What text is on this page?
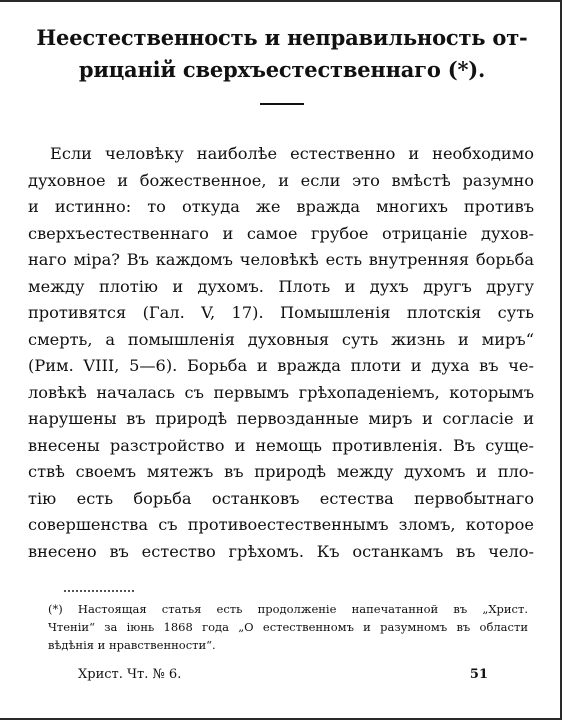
Неестественность и неправильность от-
рицаній сверхъестественнаго (*).
Если человѣку наиболѣе естественно и необходимо
духовное и божественное, и если это вмѣстѣ разумно
и истинно: то откуда же вражда многихъ противъ
сверхъестественнаго и самое грубое отрицаніе духов-
наго міра? Въ каждомъ человѣкѣ есть внутренняя борьба
между плотію и духомъ. Плоть и духъ другъ другу
противятся (Гал. V, 17). Помышленія плотскія суть
смерть, а помышленія духовныя суть жизнь и миръ“
(Рим. VIII, 5—6). Борьба и вражда плоти и духа въ че-
ловѣкѣ началась съ первымъ грѣхопаденіемъ, которымъ
нарушены въ природѣ первозданные миръ и согласіе и
внесены разстройство и немощь противленія. Въ суще-
ствѣ своемъ мятежъ въ природѣ между духомъ и пло-
тію есть борьба останковъ естества первобытнаго
совершенства съ противоестественнымъ зломъ, которое
внесено въ естество грѣхомъ. Къ останкамъ въ чело-
(*) Настоящая статья есть продолженіе напечатанной въ „Христ.
Чтеніи“ за іюнь 1868 года „О естественномъ и разумномъ въ области
вѣдѣнія и нравственности“.
Христ. Чт. № 6.	51
